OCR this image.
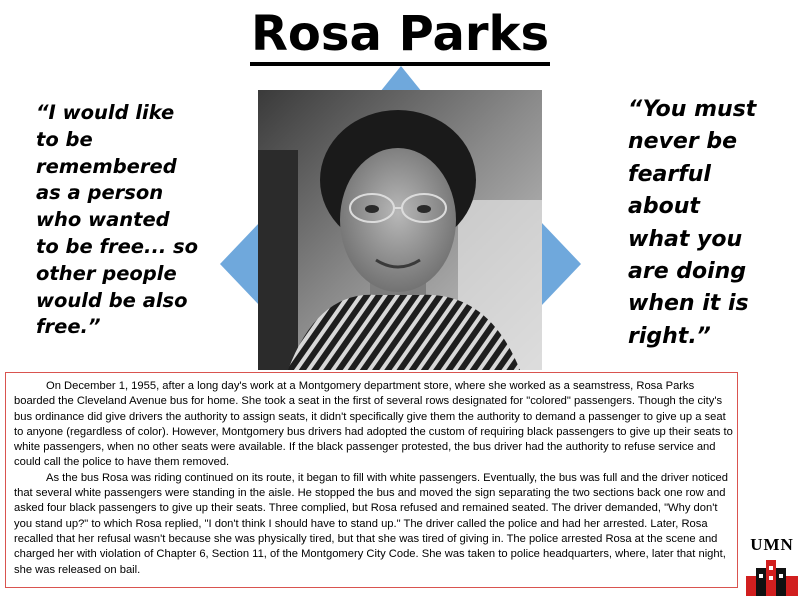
Rosa Parks

“I would like
to be
remembered
as a person
who wanted
to be free... so
other people
would be also
free.”

“You must
never be
fearful
about
what you
are doing
when it is
right.”

On December 1, 1955, after a long day's work at a Montgomery department store, where she worked as a seamstress, Rosa Parks boarded the Cleveland Avenue bus for home. She took a seat in the first of several rows designated for "colored" passengers. Though the city's bus ordinance did give drivers the authority to assign seats, it didn't specifically give them the authority to demand a passenger to give up a seat to anyone (regardless of color). However, Montgomery bus drivers had adopted the custom of requiring black passengers to give up their seats to white passengers, when no other seats were available. If the black passenger protested, the bus driver had the authority to refuse service and could call the police to have them removed.

As the bus Rosa was riding continued on its route, it began to fill with white passengers. Eventually, the bus was full and the driver noticed that several white passengers were standing in the aisle. He stopped the bus and moved the sign separating the two sections back one row and asked four black passengers to give up their seats. Three complied, but Rosa refused and remained seated. The driver demanded, "Why don't you stand up?" to which Rosa replied, "I don't think I should have to stand up." The driver called the police and had her arrested. Later, Rosa recalled that her refusal wasn't because she was physically tired, but that she was tired of giving in. The police arrested Rosa at the scene and charged her with violation of Chapter 6, Section 11, of the Montgomery City Code. She was taken to police headquarters, where, later that night, she was released on bail.

UMN
